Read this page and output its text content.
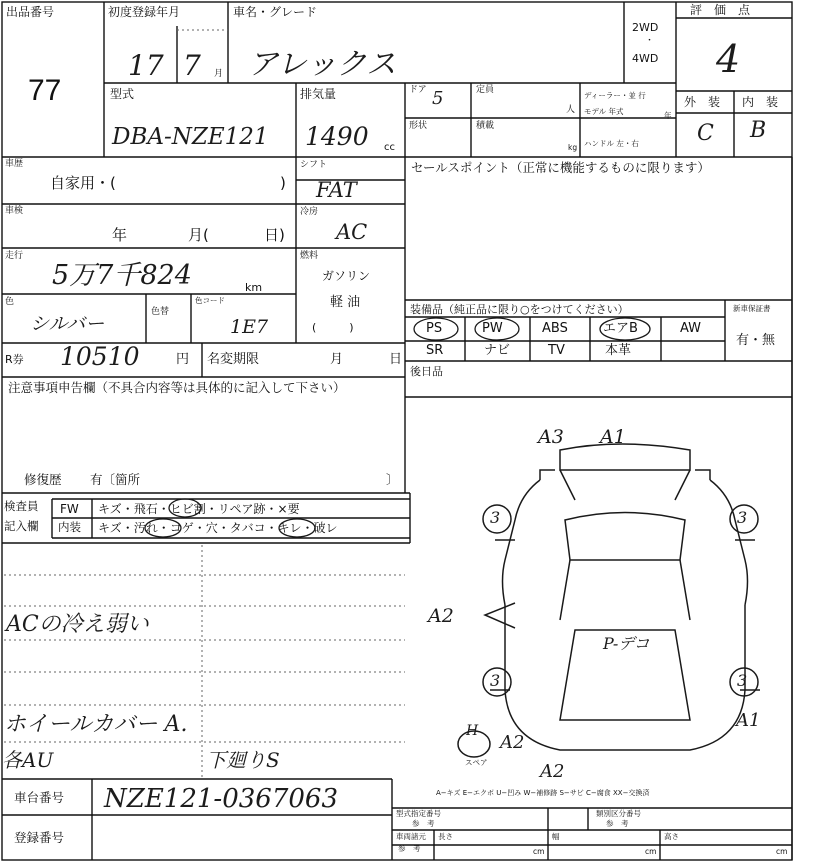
出品番号
77
初度登録年月
17 7 月
車名・グレード
アレックス
2WD
・
4WD
評　価　点
4
外　装 内　装
C B
型式
DBA-NZE121
排気量
1490 cc
ドア 5	定員
人
ディーラー・並 行
モデル 年式	年
形状	積載
kg ハンドル 左・右
車歴
自家用・(	)
車検
年	月(	日)
走行
5万7千824	km
色
シルバー
色替
色コード
1E7
シフト
FAT
冷房
AC
燃料
ガソリン
軽 油
(　　　)
R券 10510	円 名変期限	月	日
セールスポイント（正常に機能するものに限ります）
装備品（純正品に限り○をつけてください）
PS	PW	ABS	エアB	AW
SR	ナビ	TV	本革
新車保証書
有・無
後日品
注意事項申告欄（不具合内容等は具体的に記入して下さい）
修復歴 有〔箇所	〕
検査員
記入欄
FW キズ・飛石・ヒビ割・リペア跡・×要
内装 キズ・汚れ・コゲ・穴・タバコ・キレ・破レ
ACの冷え弱い
ホイールカバー A.
各AU	下廻りS
A3 A1
A2
3	3
3	3
A1
A2
A2
P-デコ
H
スペア
A−キズ E−エクボ U−凹み W−補修跡 S−サビ C−腐食 XX−交換済
車台番号 NZE121-0367063
登録番号
型式指定番号
参　考
類別区分番号
参　考
車両諸元
参　考
長さ
cm
幅
cm
高さ
cm
